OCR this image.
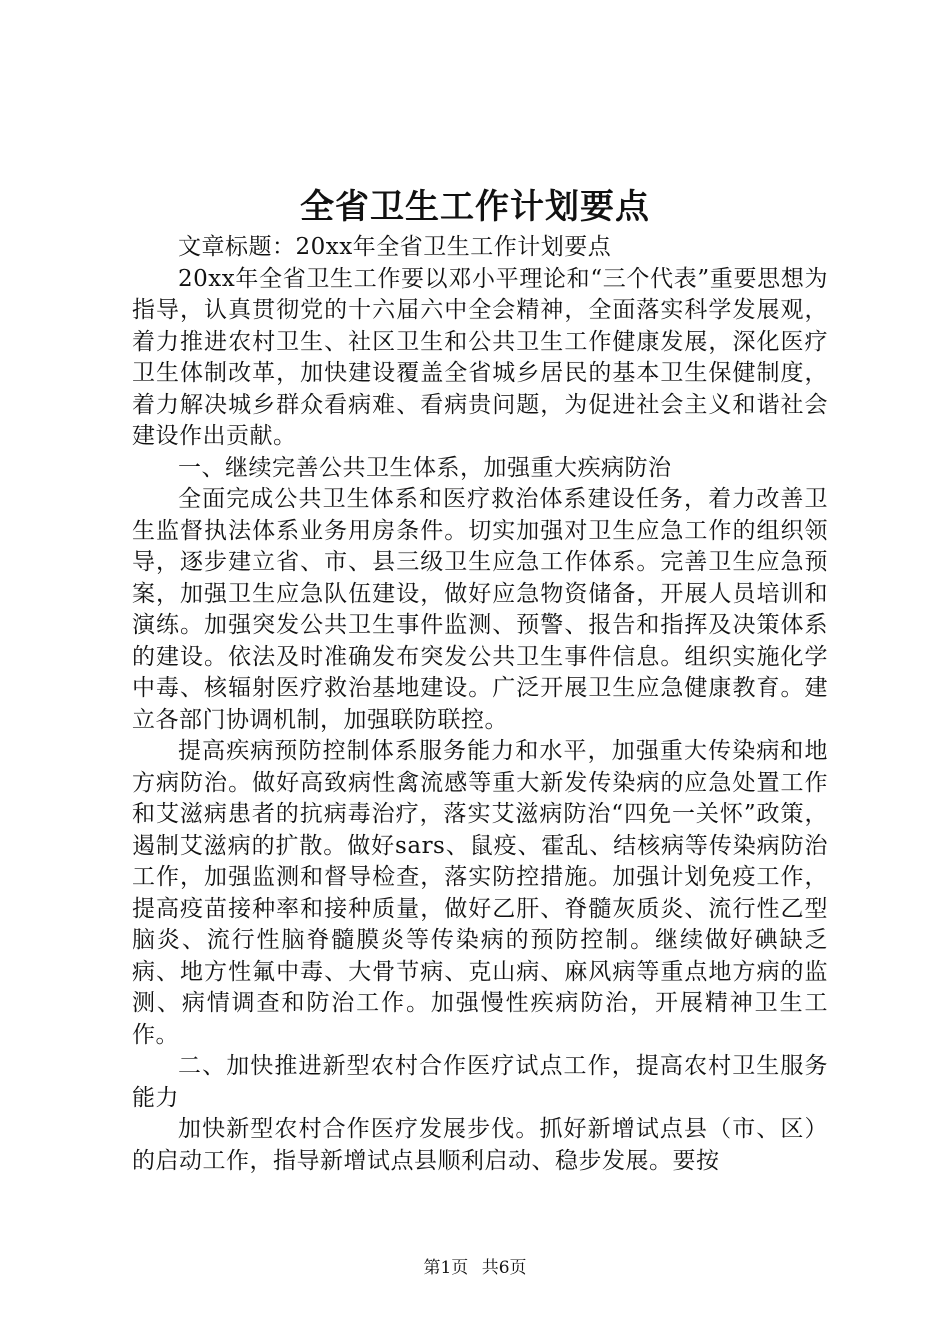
全省卫生工作计划要点

文章标题：20xx年全省卫生工作计划要点

20xx年全省卫生工作要以邓小平理论和“三个代表”重要思想为指导，认真贯彻党的十六届六中全会精神，全面落实科学发展观，着力推进农村卫生、社区卫生和公共卫生工作健康发展，深化医疗卫生体制改革，加快建设覆盖全省城乡居民的基本卫生保健制度，着力解决城乡群众看病难、看病贵问题，为促进社会主义和谐社会建设作出贡献。

一、继续完善公共卫生体系，加强重大疾病防治

全面完成公共卫生体系和医疗救治体系建设任务，着力改善卫生监督执法体系业务用房条件。切实加强对卫生应急工作的组织领导，逐步建立省、市、县三级卫生应急工作体系。完善卫生应急预案，加强卫生应急队伍建设，做好应急物资储备，开展人员培训和演练。加强突发公共卫生事件监测、预警、报告和指挥及决策体系的建设。依法及时准确发布突发公共卫生事件信息。组织实施化学中毒、核辐射医疗救治基地建设。广泛开展卫生应急健康教育。建立各部门协调机制，加强联防联控。

提高疾病预防控制体系服务能力和水平，加强重大传染病和地方病防治。做好高致病性禽流感等重大新发传染病的应急处置工作和艾滋病患者的抗病毒治疗，落实艾滋病防治“四免一关怀”政策，遏制艾滋病的扩散。做好sars、鼠疫、霍乱、结核病等传染病防治工作，加强监测和督导检查，落实防控措施。加强计划免疫工作，提高疫苗接种率和接种质量，做好乙肝、脊髓灰质炎、流行性乙型脑炎、流行性脑脊髓膜炎等传染病的预防控制。继续做好碘缺乏病、地方性氟中毒、大骨节病、克山病、麻风病等重点地方病的监测、病情调查和防治工作。加强慢性疾病防治，开展精神卫生工作。

二、加快推进新型农村合作医疗试点工作，提高农村卫生服务能力

加快新型农村合作医疗发展步伐。抓好新增试点县（市、区）的启动工作，指导新增试点县顺利启动、稳步发展。要按

第1页 共6页
